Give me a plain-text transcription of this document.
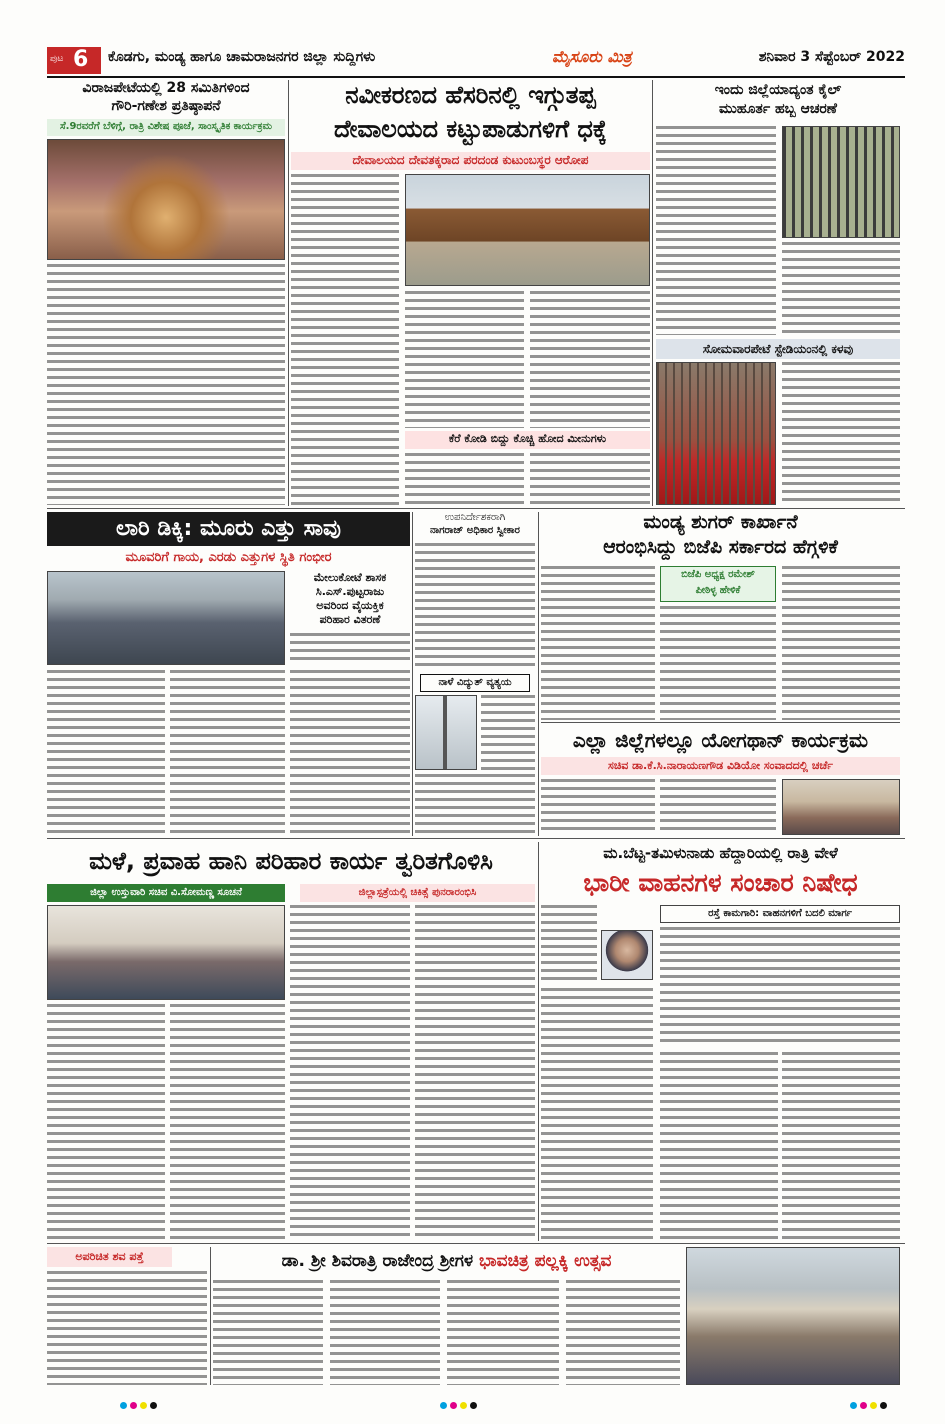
ಪುಟ 6 ಕೊಡಗು, ಮಂಡ್ಯ ಹಾಗೂ ಚಾಮರಾಜನಗರ ಜಿಲ್ಲಾ ಸುದ್ದಿಗಳು	ಮೈಸೂರು ಮಿತ್ರ	ಶನಿವಾರ 3 ಸೆಪ್ಟೆಂಬರ್ 2022
ವಿರಾಜಪೇಟೆಯಲ್ಲಿ 28 ಸಮಿತಿಗಳಿಂದ
ಗೌರಿ-ಗಣೇಶ ಪ್ರತಿಷ್ಠಾಪನೆ
ಸೆ.9ರವರೆಗೆ ಬೆಳಿಗ್ಗೆ, ರಾತ್ರಿ ವಿಶೇಷ ಪೂಜೆ, ಸಾಂಸ್ಕೃತಿಕ ಕಾರ್ಯಕ್ರಮ
ನವೀಕರಣದ ಹೆಸರಿನಲ್ಲಿ ಇಗ್ಗುತಪ್ಪ
ದೇವಾಲಯದ ಕಟ್ಟುಪಾಡುಗಳಿಗೆ ಧಕ್ಕೆ
ದೇವಾಲಯದ ದೇವತಕ್ಕರಾದ ಪರದಂಡ ಕುಟುಂಬಸ್ಥರ ಆರೋಪ
ಕೆರೆ ಕೋಡಿ ಬಿದ್ದು ಕೊಚ್ಚಿ ಹೋದ ಮೀನುಗಳು
ಇಂದು ಜಿಲ್ಲೆಯಾದ್ಯಂತ ಕೈಲ್
ಮುಹೂರ್ತ ಹಬ್ಬ ಆಚರಣೆ
ಸೋಮವಾರಪೇಟೆ ಸ್ಟೇಡಿಯಂನಲ್ಲಿ ಕಳವು
ಲಾರಿ ಡಿಕ್ಕಿ: ಮೂರು ಎತ್ತು ಸಾವು
ಮೂವರಿಗೆ ಗಾಯ, ಎರಡು ಎತ್ತುಗಳ ಸ್ಥಿತಿ ಗಂಭೀರ
ಮೇಲುಕೋಟೆ ಶಾಸಕ
ಸಿ.ಎಸ್.ಪುಟ್ಟರಾಜು
ಅವರಿಂದ ವೈಯಕ್ತಿಕ
ಪರಿಹಾರ ವಿತರಣೆ
ಉಪನಿರ್ದೇಶಕರಾಗಿ
ನಾಗರಾಜ್ ಅಧಿಕಾರ ಸ್ವೀಕಾರ
ನಾಳೆ ವಿದ್ಯುತ್ ವ್ಯತ್ಯಯ
ಮಂಡ್ಯ ಶುಗರ್ ಕಾರ್ಖಾನೆ
ಆರಂಭಿಸಿದ್ದು ಬಿಜೆಪಿ ಸರ್ಕಾರದ ಹೆಗ್ಗಳಿಕೆ
ಬಿಜೆಪಿ ಅಧ್ಯಕ್ಷ ರಮೇಶ್
ಪೀಠಿಳ್ಳ ಹೇಳಿಕೆ
ಎಲ್ಲಾ ಜಿಲ್ಲೆಗಳಲ್ಲೂ ಯೋಗಥಾನ್ ಕಾರ್ಯಕ್ರಮ
ಸಚಿವ ಡಾ.ಕೆ.ಸಿ.ನಾರಾಯಣಗೌಡ ವಿಡಿಯೋ ಸಂವಾದದಲ್ಲಿ ಚರ್ಚೆ
ಮಳೆ, ಪ್ರವಾಹ ಹಾನಿ ಪರಿಹಾರ ಕಾರ್ಯ ತ್ವರಿತಗೊಳಿಸಿ
ಜಿಲ್ಲಾ ಉಸ್ತುವಾರಿ ಸಚಿವ ವಿ.ಸೋಮಣ್ಣ ಸೂಚನೆ	ಜಿಲ್ಲಾಸ್ಪತ್ರೆಯಲ್ಲಿ ಚಿಕಿತ್ಸೆ ಪುನರಾರಂಭಿಸಿ
ಮ.ಬೆಟ್ಟ-ತಮಿಳುನಾಡು ಹೆದ್ದಾರಿಯಲ್ಲಿ ರಾತ್ರಿ ವೇಳೆ
ಭಾರೀ ವಾಹನಗಳ ಸಂಚಾರ ನಿಷೇಧ
ರಸ್ತೆ ಕಾಮಗಾರಿ: ವಾಹನಗಳಿಗೆ ಬದಲಿ ಮಾರ್ಗ
ಅಪರಿಚಿತ ಶವ ಪತ್ತೆ	ಡಾ. ಶ್ರೀ ಶಿವರಾತ್ರಿ ರಾಜೇಂದ್ರ ಶ್ರೀಗಳ ಭಾವಚಿತ್ರ ಪಲ್ಲಕ್ಕಿ ಉತ್ಸವ
